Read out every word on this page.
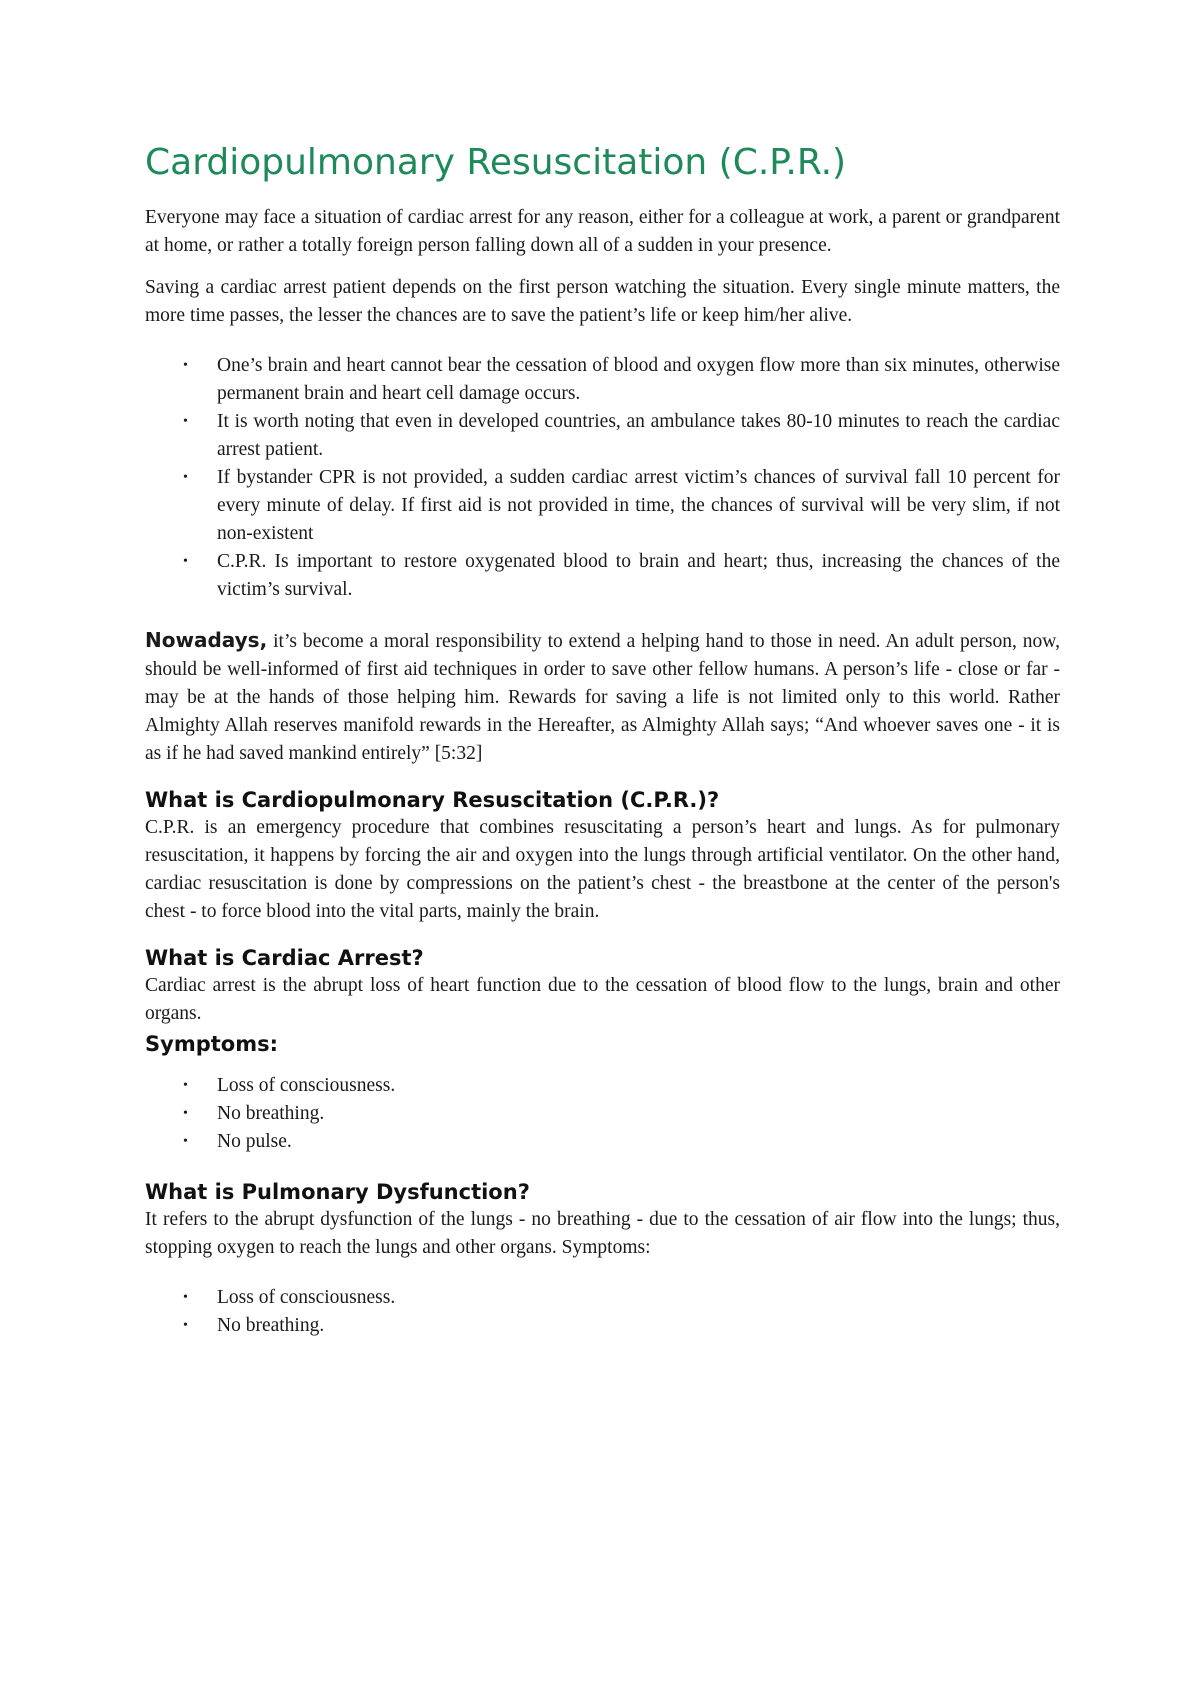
Cardiopulmonary Resuscitation (C.P.R.)

Everyone may face a situation of cardiac arrest for any reason, either for a colleague at work, a parent or grandparent at home, or rather a totally foreign person falling down all of a sudden in your presence.

Saving a cardiac arrest patient depends on the first person watching the situation. Every single minute matters, the more time passes, the lesser the chances are to save the patient’s life or keep him/her alive.

• One’s brain and heart cannot bear the cessation of blood and oxygen flow more than six minutes, otherwise permanent brain and heart cell damage occurs.
• It is worth noting that even in developed countries, an ambulance takes 80-10 minutes to reach the cardiac arrest patient.
• If bystander CPR is not provided, a sudden cardiac arrest victim’s chances of survival fall 10 percent for every minute of delay. If first aid is not provided in time, the chances of survival will be very slim, if not non-existent
• C.P.R. Is important to restore oxygenated blood to brain and heart; thus, increasing the chances of the victim’s survival.

Nowadays, it’s become a moral responsibility to extend a helping hand to those in need. An adult person, now, should be well-informed of first aid techniques in order to save other fellow humans. A person’s life - close or far - may be at the hands of those helping him. Rewards for saving a life is not limited only to this world. Rather Almighty Allah reserves manifold rewards in the Hereafter, as Almighty Allah says; “And whoever saves one - it is as if he had saved mankind entirely” [5:32]

What is Cardiopulmonary Resuscitation (C.P.R.)?

C.P.R. is an emergency procedure that combines resuscitating a person’s heart and lungs. As for pulmonary resuscitation, it happens by forcing the air and oxygen into the lungs through artificial ventilator. On the other hand, cardiac resuscitation is done by compressions on the patient’s chest - the breastbone at the center of the person's chest - to force blood into the vital parts, mainly the brain.

What is Cardiac Arrest?

Cardiac arrest is the abrupt loss of heart function due to the cessation of blood flow to the lungs, brain and other organs.

Symptoms:
• Loss of consciousness.
• No breathing.
• No pulse.
What is Pulmonary Dysfunction?

It refers to the abrupt dysfunction of the lungs - no breathing - due to the cessation of air flow into the lungs; thus, stopping oxygen to reach the lungs and other organs. Symptoms:

• Loss of consciousness.
• No breathing.
